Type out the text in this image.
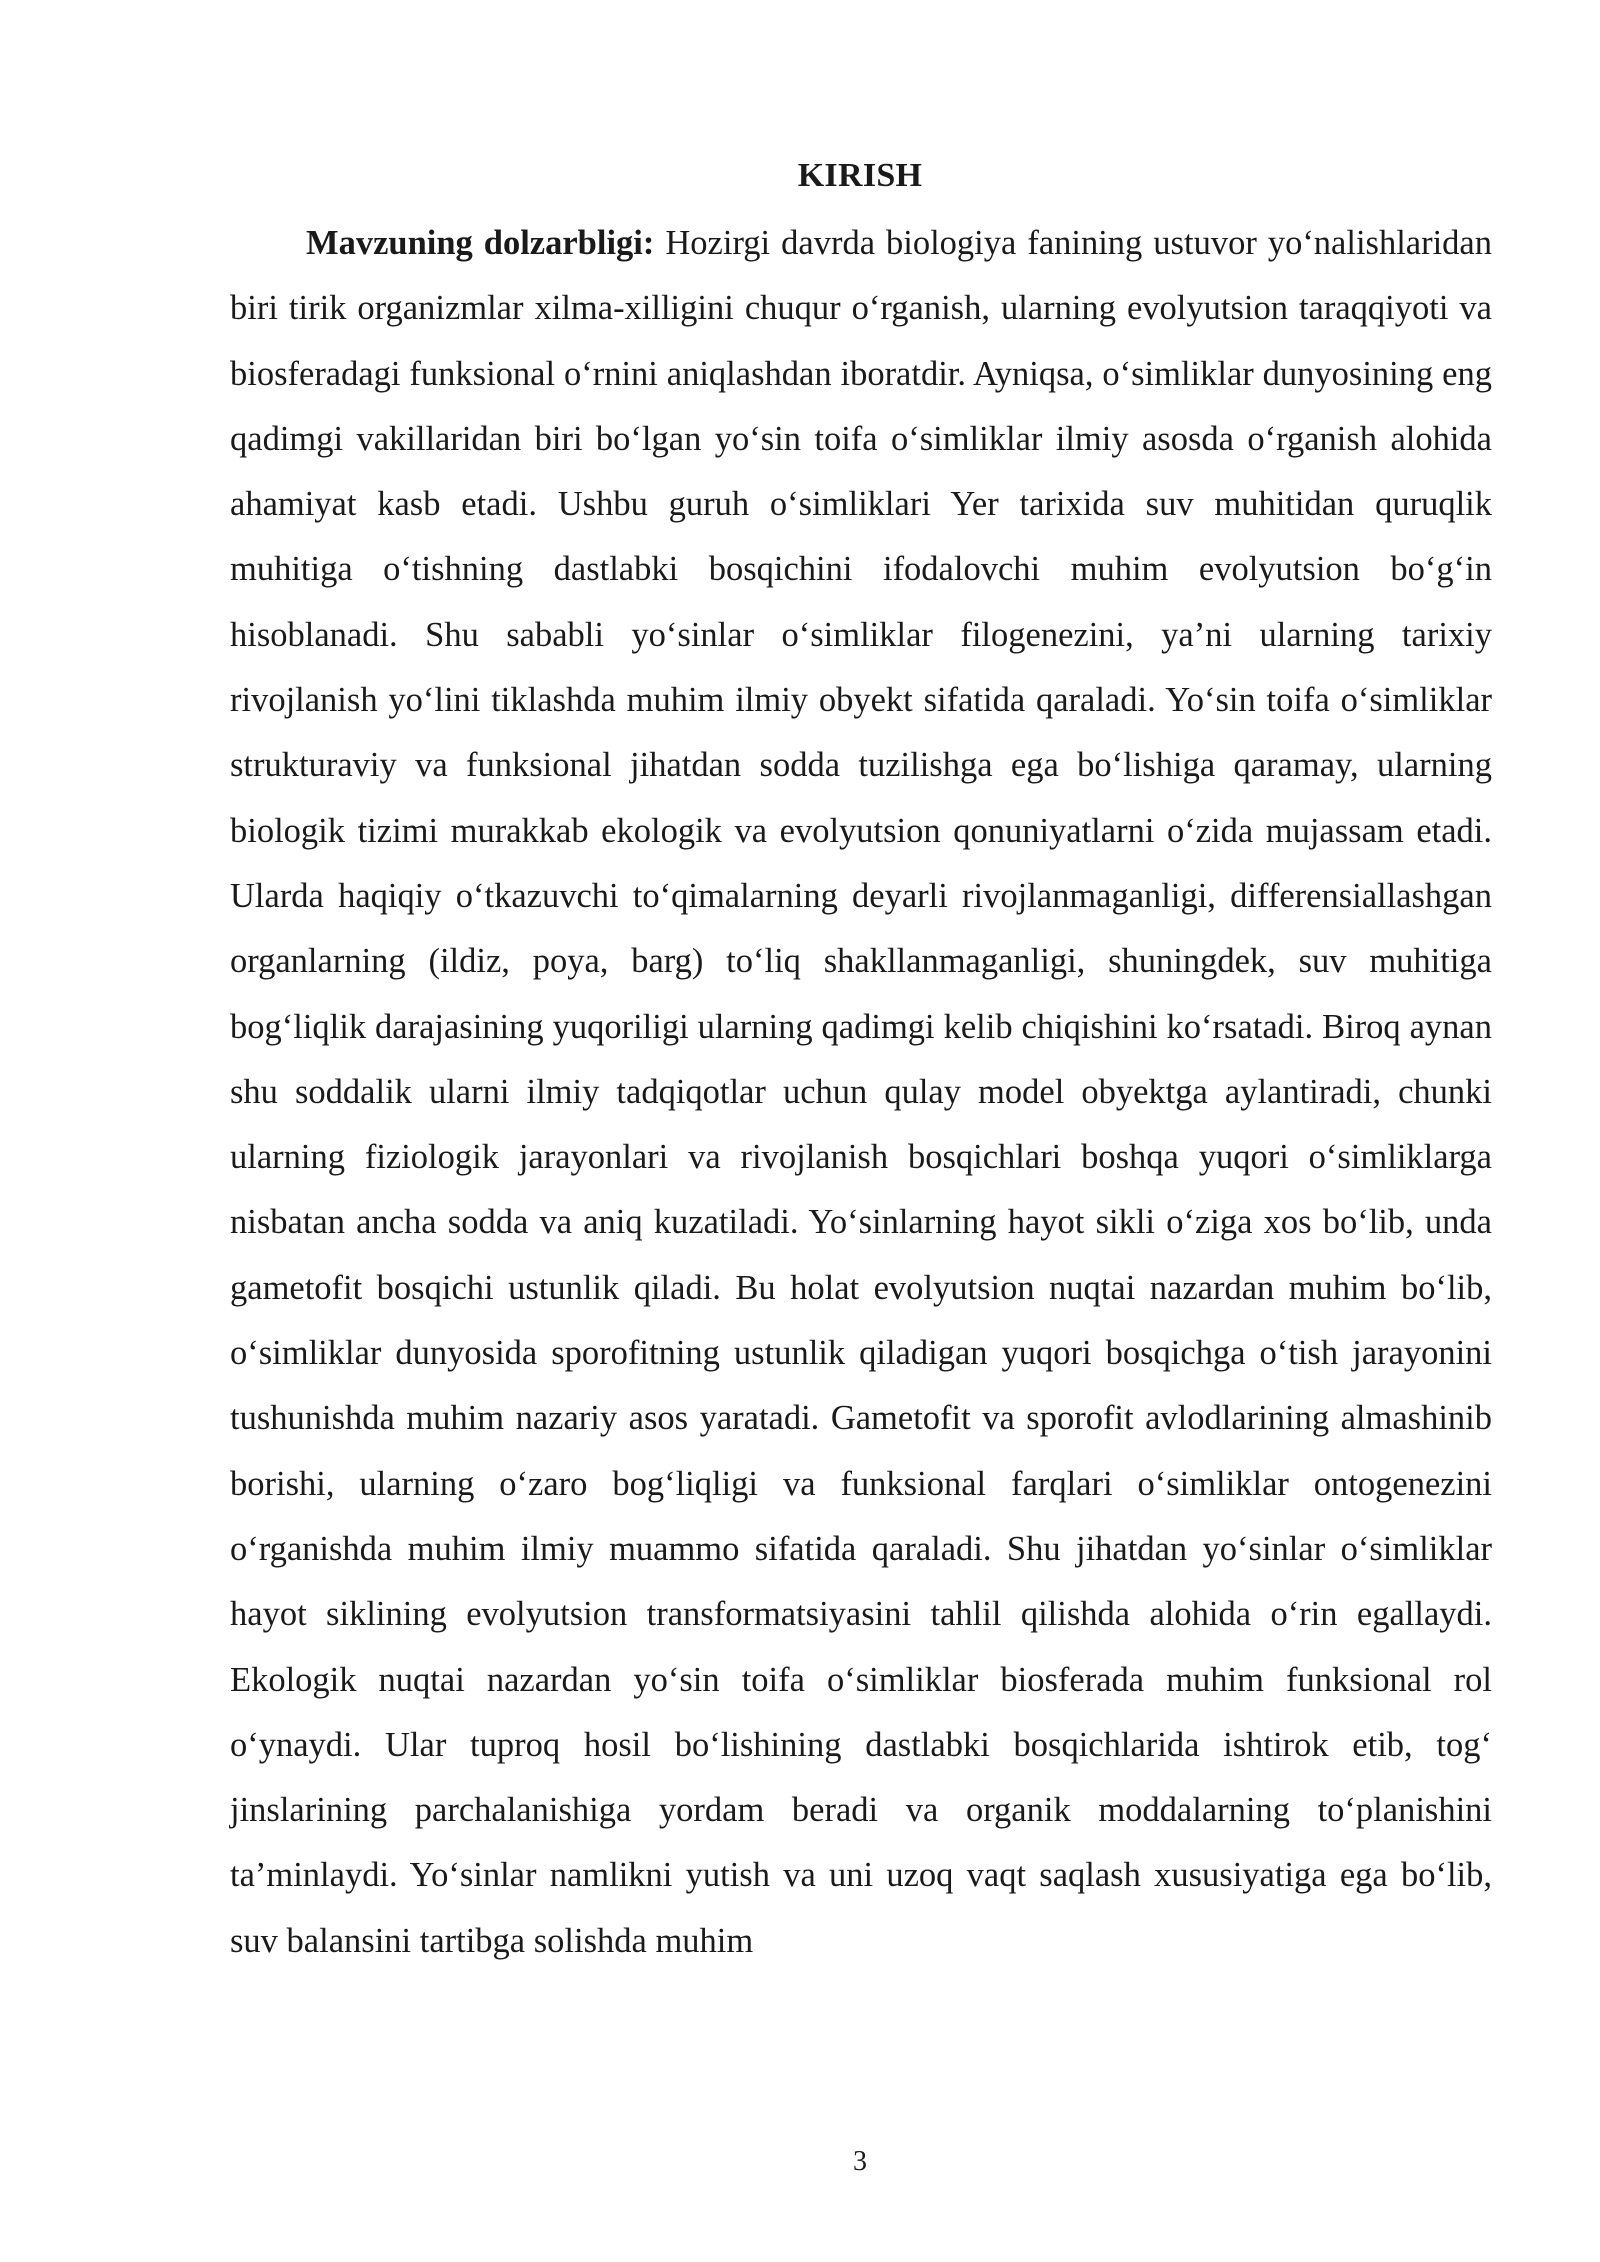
KIRISH

Mavzuning dolzarbligi: Hozirgi davrda biologiya fanining ustuvor yo‘nalishlaridan biri tirik organizmlar xilma-xilligini chuqur o‘rganish, ularning evolyutsion taraqqiyoti va biosferadagi funksional o‘rnini aniqlashdan iboratdir. Ayniqsa, o‘simliklar dunyosining eng qadimgi vakillaridan biri bo‘lgan yo‘sin toifa o‘simliklar ilmiy asosda o‘rganish alohida ahamiyat kasb etadi. Ushbu guruh o‘simliklari Yer tarixida suv muhitidan quruqlik muhitiga o‘tishning dastlabki bosqichini ifodalovchi muhim evolyutsion bo‘g‘in hisoblanadi. Shu sababli yo‘sinlar o‘simliklar filogenezini, ya’ni ularning tarixiy rivojlanish yo‘lini tiklashda muhim ilmiy obyekt sifatida qaraladi. Yo‘sin toifa o‘simliklar strukturaviy va funksional jihatdan sodda tuzilishga ega bo‘lishiga qaramay, ularning biologik tizimi murakkab ekologik va evolyutsion qonuniyatlarni o‘zida mujassam etadi. Ularda haqiqiy o‘tkazuvchi to‘qimalarning deyarli rivojlanmaganligi, differensiallashgan organlarning (ildiz, poya, barg) to‘liq shakllanmaganligi, shuningdek, suv muhitiga bog‘liqlik darajasining yuqoriligi ularning qadimgi kelib chiqishini ko‘rsatadi. Biroq aynan shu soddalik ularni ilmiy tadqiqotlar uchun qulay model obyektga aylantiradi, chunki ularning fiziologik jarayonlari va rivojlanish bosqichlari boshqa yuqori o‘simliklarga nisbatan ancha sodda va aniq kuzatiladi. Yo‘sinlarning hayot sikli o‘ziga xos bo‘lib, unda gametofit bosqichi ustunlik qiladi. Bu holat evolyutsion nuqtai nazardan muhim bo‘lib, o‘simliklar dunyosida sporofitning ustunlik qiladigan yuqori bosqichga o‘tish jarayonini tushunishda muhim nazariy asos yaratadi. Gametofit va sporofit avlodlarining almashinib borishi, ularning o‘zaro bog‘liqligi va funksional farqlari o‘simliklar ontogenezini o‘rganishda muhim ilmiy muammo sifatida qaraladi. Shu jihatdan yo‘sinlar o‘simliklar hayot siklining evolyutsion transformatsiyasini tahlil qilishda alohida o‘rin egallaydi. Ekologik nuqtai nazardan yo‘sin toifa o‘simliklar biosferada muhim funksional rol o‘ynaydi. Ular tuproq hosil bo‘lishining dastlabki bosqichlarida ishtirok etib, tog‘ jinslarining parchalanishiga yordam beradi va organik moddalarning to‘planishini ta’minlaydi. Yo‘sinlar namlikni yutish va uni uzoq vaqt saqlash xususiyatiga ega bo‘lib, suv balansini tartibga solishda muhim

3
